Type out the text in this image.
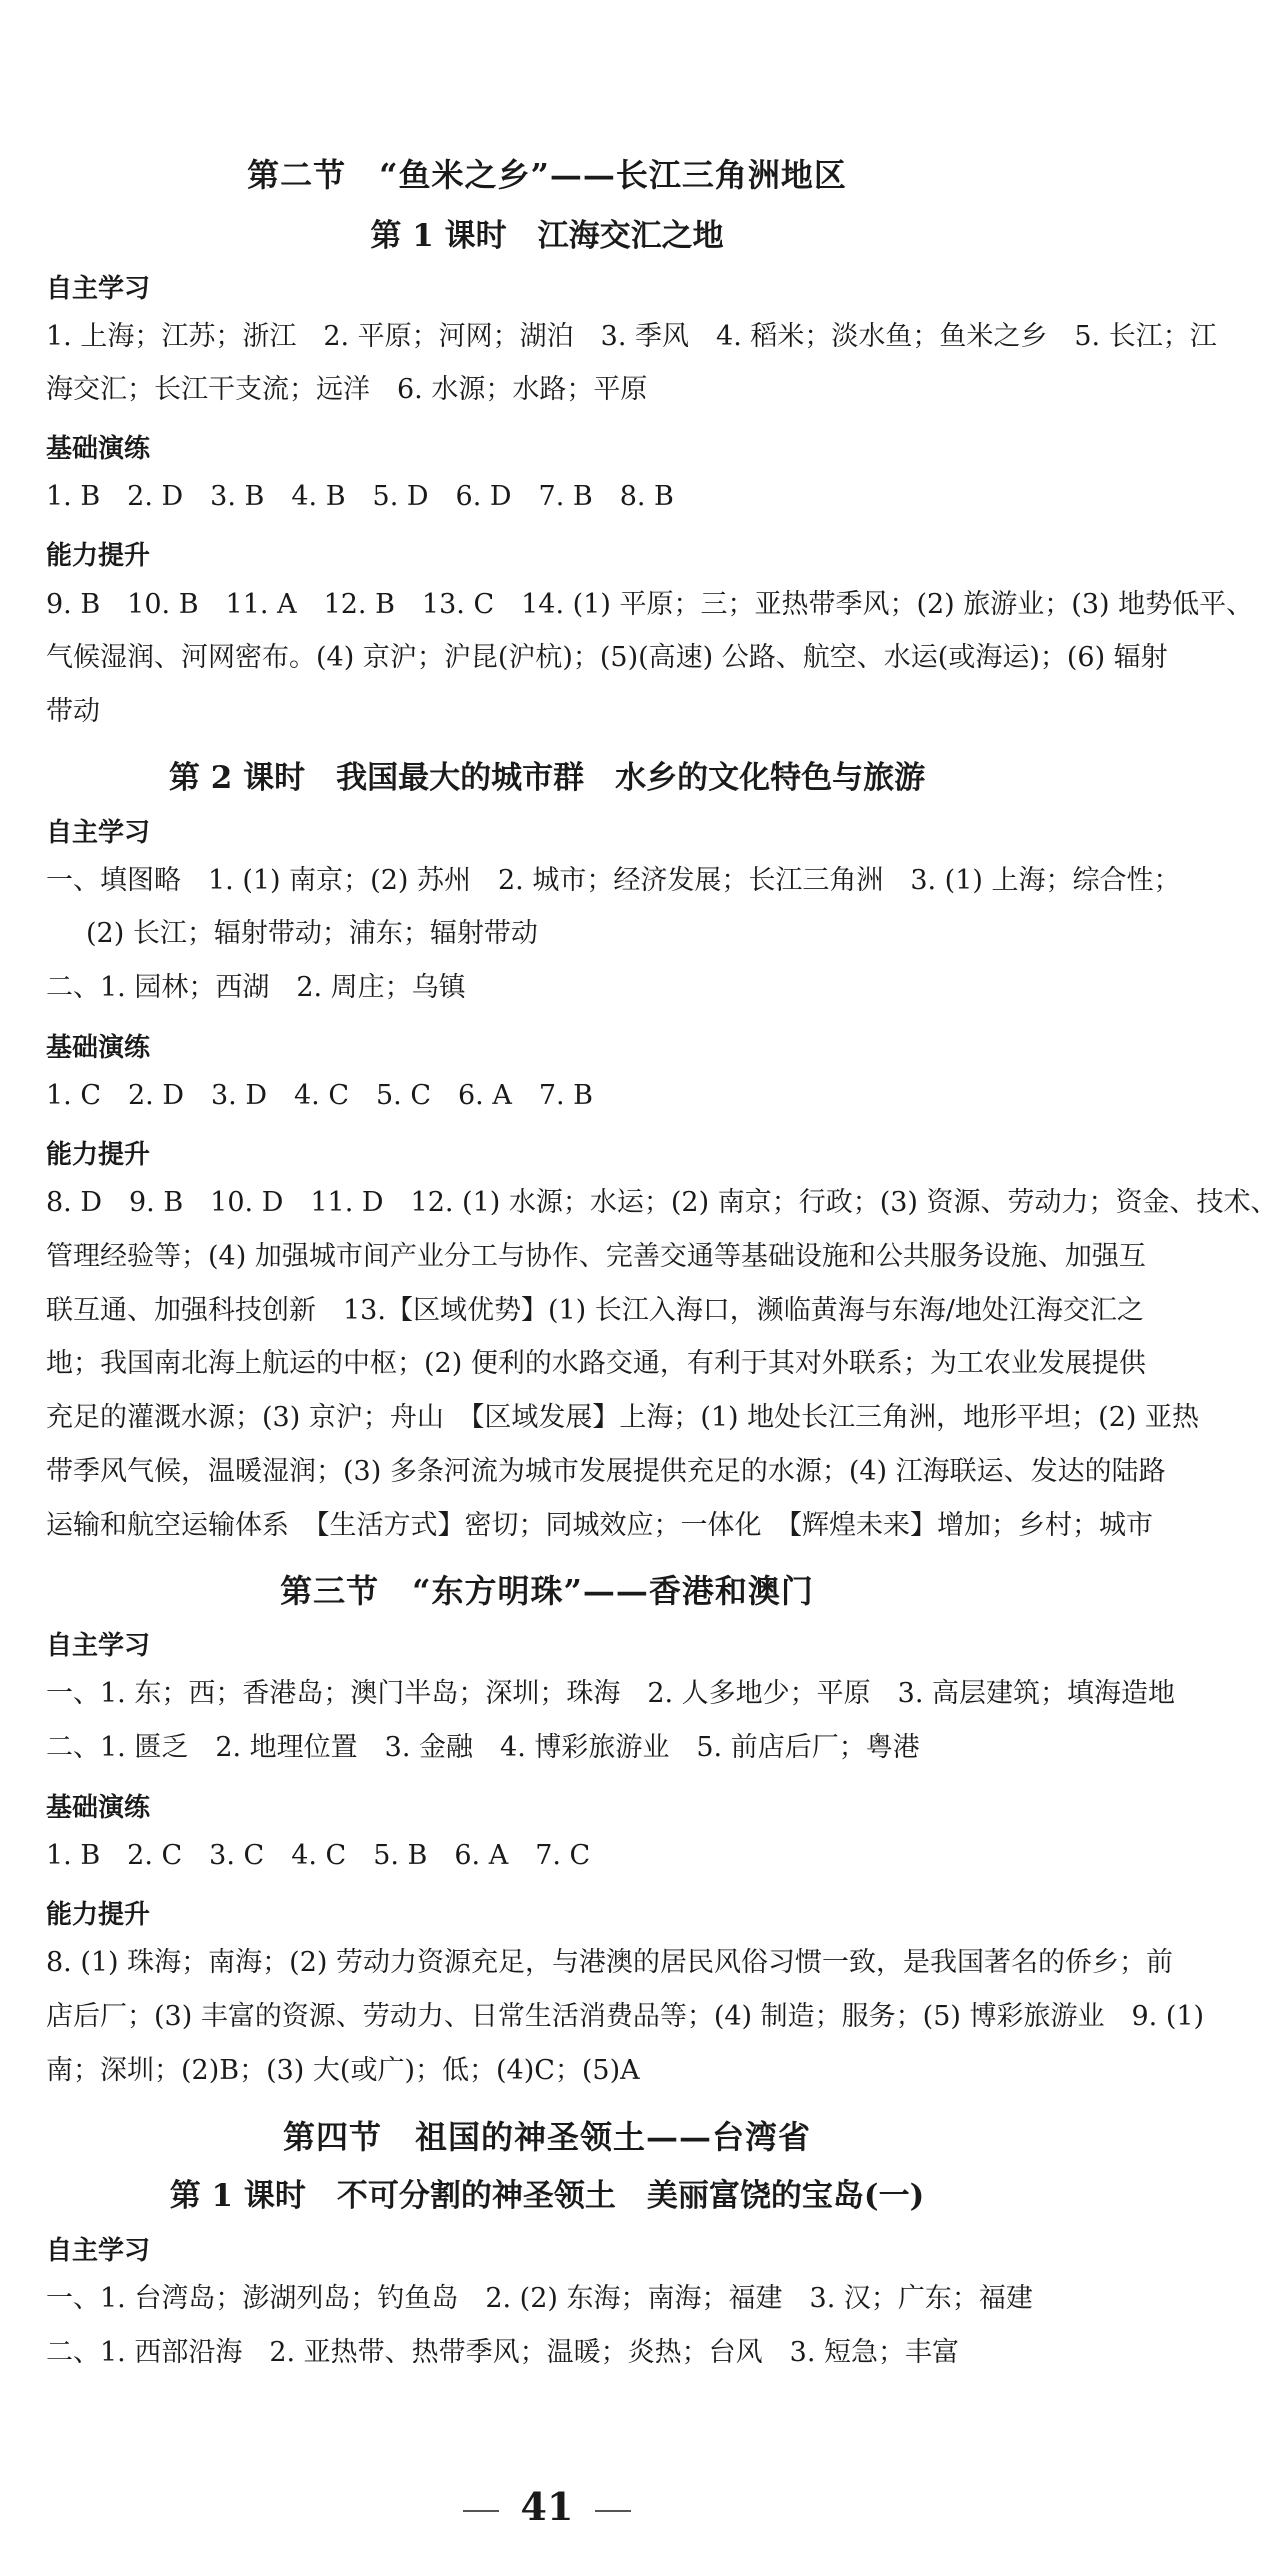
第二节　“鱼米之乡”——长江三角洲地区
第 1 课时　江海交汇之地
自主学习
1. 上海；江苏；浙江　2. 平原；河网；湖泊　3. 季风　4. 稻米；淡水鱼；鱼米之乡　5. 长江；江
海交汇；长江干支流；远洋　6. 水源；水路；平原
基础演练
1. B　2. D　3. B　4. B　5. D　6. D　7. B　8. B
能力提升
9. B　10. B　11. A　12. B　13. C　14. (1) 平原；三；亚热带季风；(2) 旅游业；(3) 地势低平、
气候湿润、河网密布。(4) 京沪；沪昆(沪杭)；(5)(高速) 公路、航空、水运(或海运)；(6) 辐射
带动
第 2 课时　我国最大的城市群　水乡的文化特色与旅游
自主学习
一、填图略　1. (1) 南京；(2) 苏州　2. 城市；经济发展；长江三角洲　3. (1) 上海；综合性；
(2) 长江；辐射带动；浦东；辐射带动
二、1. 园林；西湖　2. 周庄；乌镇
基础演练
1. C　2. D　3. D　4. C　5. C　6. A　7. B
能力提升
8. D　9. B　10. D　11. D　12. (1) 水源；水运；(2) 南京；行政；(3) 资源、劳动力；资金、技术、
管理经验等；(4) 加强城市间产业分工与协作、完善交通等基础设施和公共服务设施、加强互
联互通、加强科技创新　13.【区域优势】(1) 长江入海口，濒临黄海与东海/地处江海交汇之
地；我国南北海上航运的中枢；(2) 便利的水路交通，有利于其对外联系；为工农业发展提供
充足的灌溉水源；(3) 京沪；舟山　【区域发展】上海；(1) 地处长江三角洲，地形平坦；(2) 亚热
带季风气候，温暖湿润；(3) 多条河流为城市发展提供充足的水源；(4) 江海联运、发达的陆路
运输和航空运输体系　【生活方式】密切；同城效应；一体化　【辉煌未来】增加；乡村；城市
第三节　“东方明珠”——香港和澳门
自主学习
一、1. 东；西；香港岛；澳门半岛；深圳；珠海　2. 人多地少；平原　3. 高层建筑；填海造地
二、1. 匮乏　2. 地理位置　3. 金融　4. 博彩旅游业　5. 前店后厂；粤港
基础演练
1. B　2. C　3. C　4. C　5. B　6. A　7. C
能力提升
8. (1) 珠海；南海；(2) 劳动力资源充足，与港澳的居民风俗习惯一致，是我国著名的侨乡；前
店后厂；(3) 丰富的资源、劳动力、日常生活消费品等；(4) 制造；服务；(5) 博彩旅游业　9. (1)
南；深圳；(2)B；(3) 大(或广)；低；(4)C；(5)A
第四节　祖国的神圣领土——台湾省
第 1 课时　不可分割的神圣领土　美丽富饶的宝岛(一)
自主学习
一、1. 台湾岛；澎湖列岛；钓鱼岛　2. (2) 东海；南海；福建　3. 汉；广东；福建
二、1. 西部沿海　2. 亚热带、热带季风；温暖；炎热；台风　3. 短急；丰富
41
